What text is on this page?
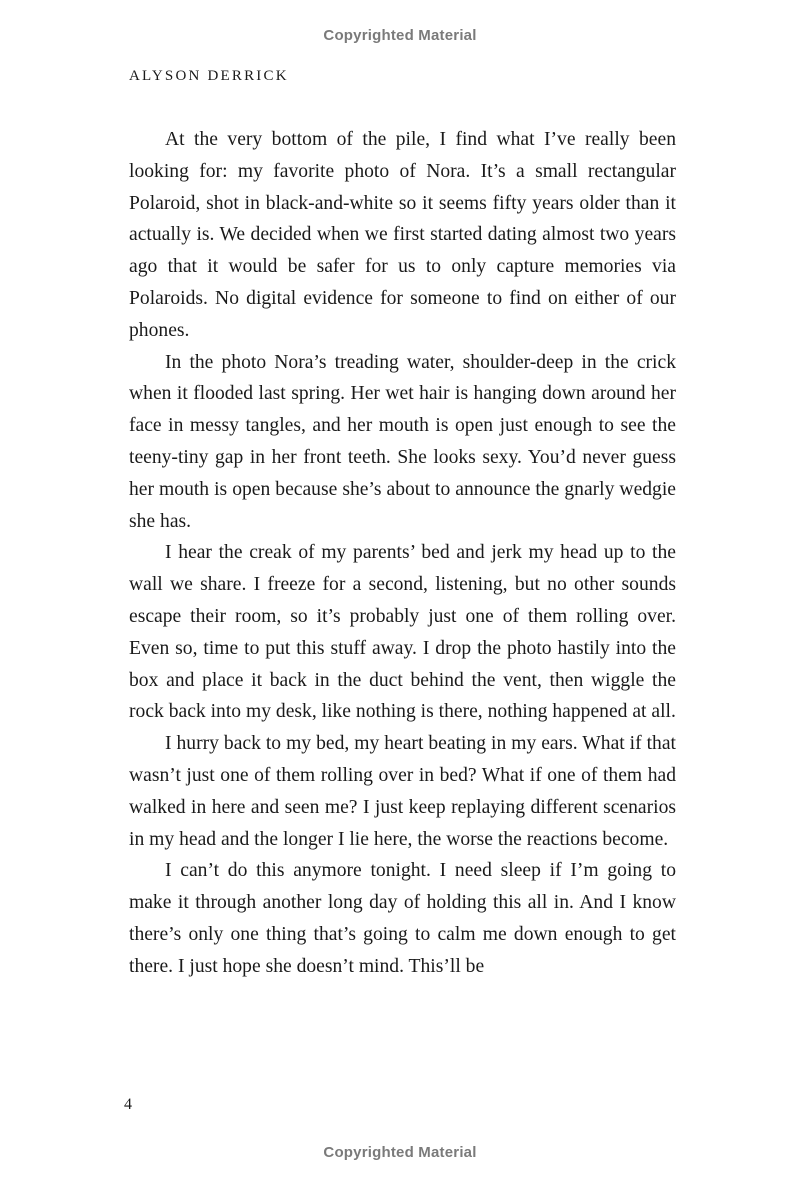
Copyrighted Material
ALYSON DERRICK

At the very bottom of the pile, I find what I’ve really been looking for: my favorite photo of Nora. It’s a small rectangular Polaroid, shot in black-and-white so it seems fifty years older than it actually is. We decided when we first started dating almost two years ago that it would be safer for us to only capture memories via Polaroids. No digital evidence for someone to find on either of our phones.

In the photo Nora’s treading water, shoulder-deep in the crick when it flooded last spring. Her wet hair is hanging down around her face in messy tangles, and her mouth is open just enough to see the teeny-tiny gap in her front teeth. She looks sexy. You’d never guess her mouth is open because she’s about to announce the gnarly wedgie she has.

I hear the creak of my parents’ bed and jerk my head up to the wall we share. I freeze for a second, listening, but no other sounds escape their room, so it’s probably just one of them rolling over. Even so, time to put this stuff away. I drop the photo hastily into the box and place it back in the duct behind the vent, then wiggle the rock back into my desk, like nothing is there, nothing happened at all.

I hurry back to my bed, my heart beating in my ears. What if that wasn’t just one of them rolling over in bed? What if one of them had walked in here and seen me? I just keep replaying different scenarios in my head and the longer I lie here, the worse the reactions become.

I can’t do this anymore tonight. I need sleep if I’m going to make it through another long day of holding this all in. And I know there’s only one thing that’s going to calm me down enough to get there. I just hope she doesn’t mind. This’ll be

4
Copyrighted Material
